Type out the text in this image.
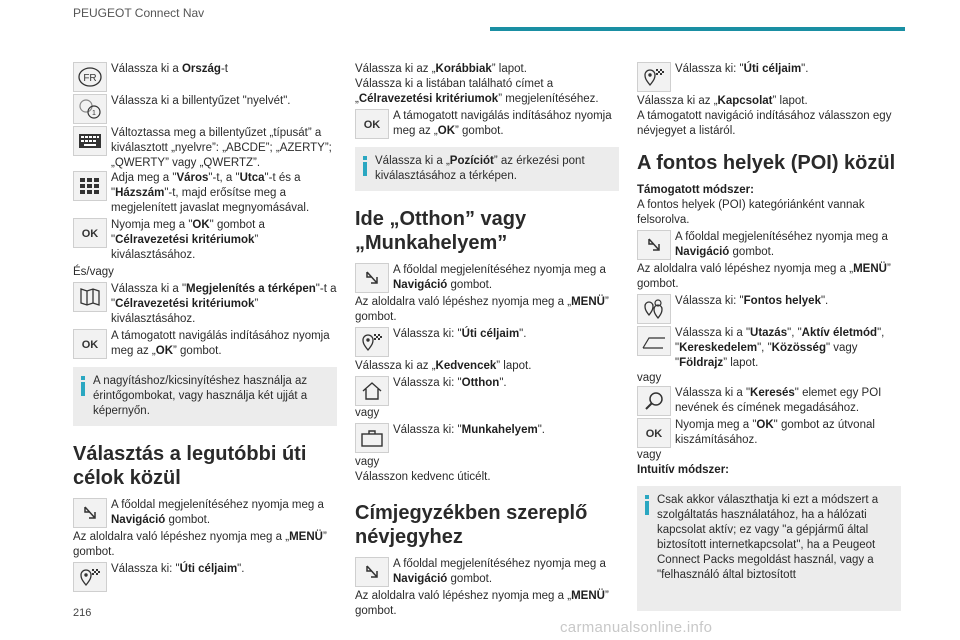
PEUGEOT Connect Nav
FR
Válassza ki a Ország-t
1
Válassza ki a billentyűzet "nyelvét".
Változtassa meg a billentyűzet „típusát” a kiválasztott „nyelvre”: „ABCDE”; „AZERTY”; „QWERTY” vagy „QWERTZ”.
Adja meg a "Város"-t, a "Utca"-t és a "Házszám"-t, majd erősítse meg a megjelenített javaslat megnyomásával.
OK
Nyomja meg a "OK" gombot a "Célravezetési kritériumok” kiválasztásához.
És/vagy
Válassza ki a "Megjelenítés a térképen"-t a "Célravezetési kritériumok” kiválasztásához.
OK
A támogatott navigálás indításához nyomja meg az „OK” gombot.
A nagyításhoz/kicsinyítéshez használja az érintőgombokat, vagy használja két ujját a képernyőn.
Választás a legutóbbi úti célok közül
A főoldal megjelenítéséhez nyomja meg a Navigáció gombot.
Az aloldalra való lépéshez nyomja meg a „MENÜ” gombot.
Válassza ki: "Úti céljaim".
Válassza ki az „Korábbiak” lapot.
Válassza ki a listában található címet a „Célravezetési kritériumok” megjelenítéséhez.
OK
A támogatott navigálás indításához nyomja meg az „OK” gombot.
Válassza ki a „Pozíciót” az érkezési pont kiválasztásához a térképen.
Ide „Otthon” vagy „Munkahelyem”
A főoldal megjelenítéséhez nyomja meg a Navigáció gombot.
Az aloldalra való lépéshez nyomja meg a „MENÜ” gombot.
Válassza ki: "Úti céljaim".
Válassza ki az „Kedvencek” lapot.
Válassza ki: "Otthon".
vagy
Válassza ki: "Munkahelyem".
vagy
Válasszon kedvenc úticélt.
Címjegyzékben szereplő névjegyhez
A főoldal megjelenítéséhez nyomja meg a Navigáció gombot.
Az aloldalra való lépéshez nyomja meg a „MENÜ” gombot.
Válassza ki: "Úti céljaim".
Válassza ki az „Kapcsolat” lapot.
A támogatott navigáció indításához válasszon egy névjegyet a listáról.
A fontos helyek (POI) közül
Támogatott módszer:
A fontos helyek (POI) kategóriánként vannak felsorolva.
A főoldal megjelenítéséhez nyomja meg a Navigáció gombot.
Az aloldalra való lépéshez nyomja meg a „MENÜ” gombot.
Válassza ki: "Fontos helyek".
Válassza ki a "Utazás", "Aktív életmód", "Kereskedelem", "Közösség" vagy "Földrajz” lapot.
vagy
Válassza ki a "Keresés" elemet egy POI nevének és címének megadásához.
OK
Nyomja meg a "OK" gombot az útvonal kiszámításához.
vagy
Intuitív módszer:
Csak akkor választhatja ki ezt a módszert a szolgáltatás használatához, ha a hálózati kapcsolat aktív; ez vagy "a gépjármű által biztosított internetkapcsolat", ha a Peugeot Connect Packs megoldást használ, vagy a "felhasználó által biztosított
216
carmanualsonline.info
